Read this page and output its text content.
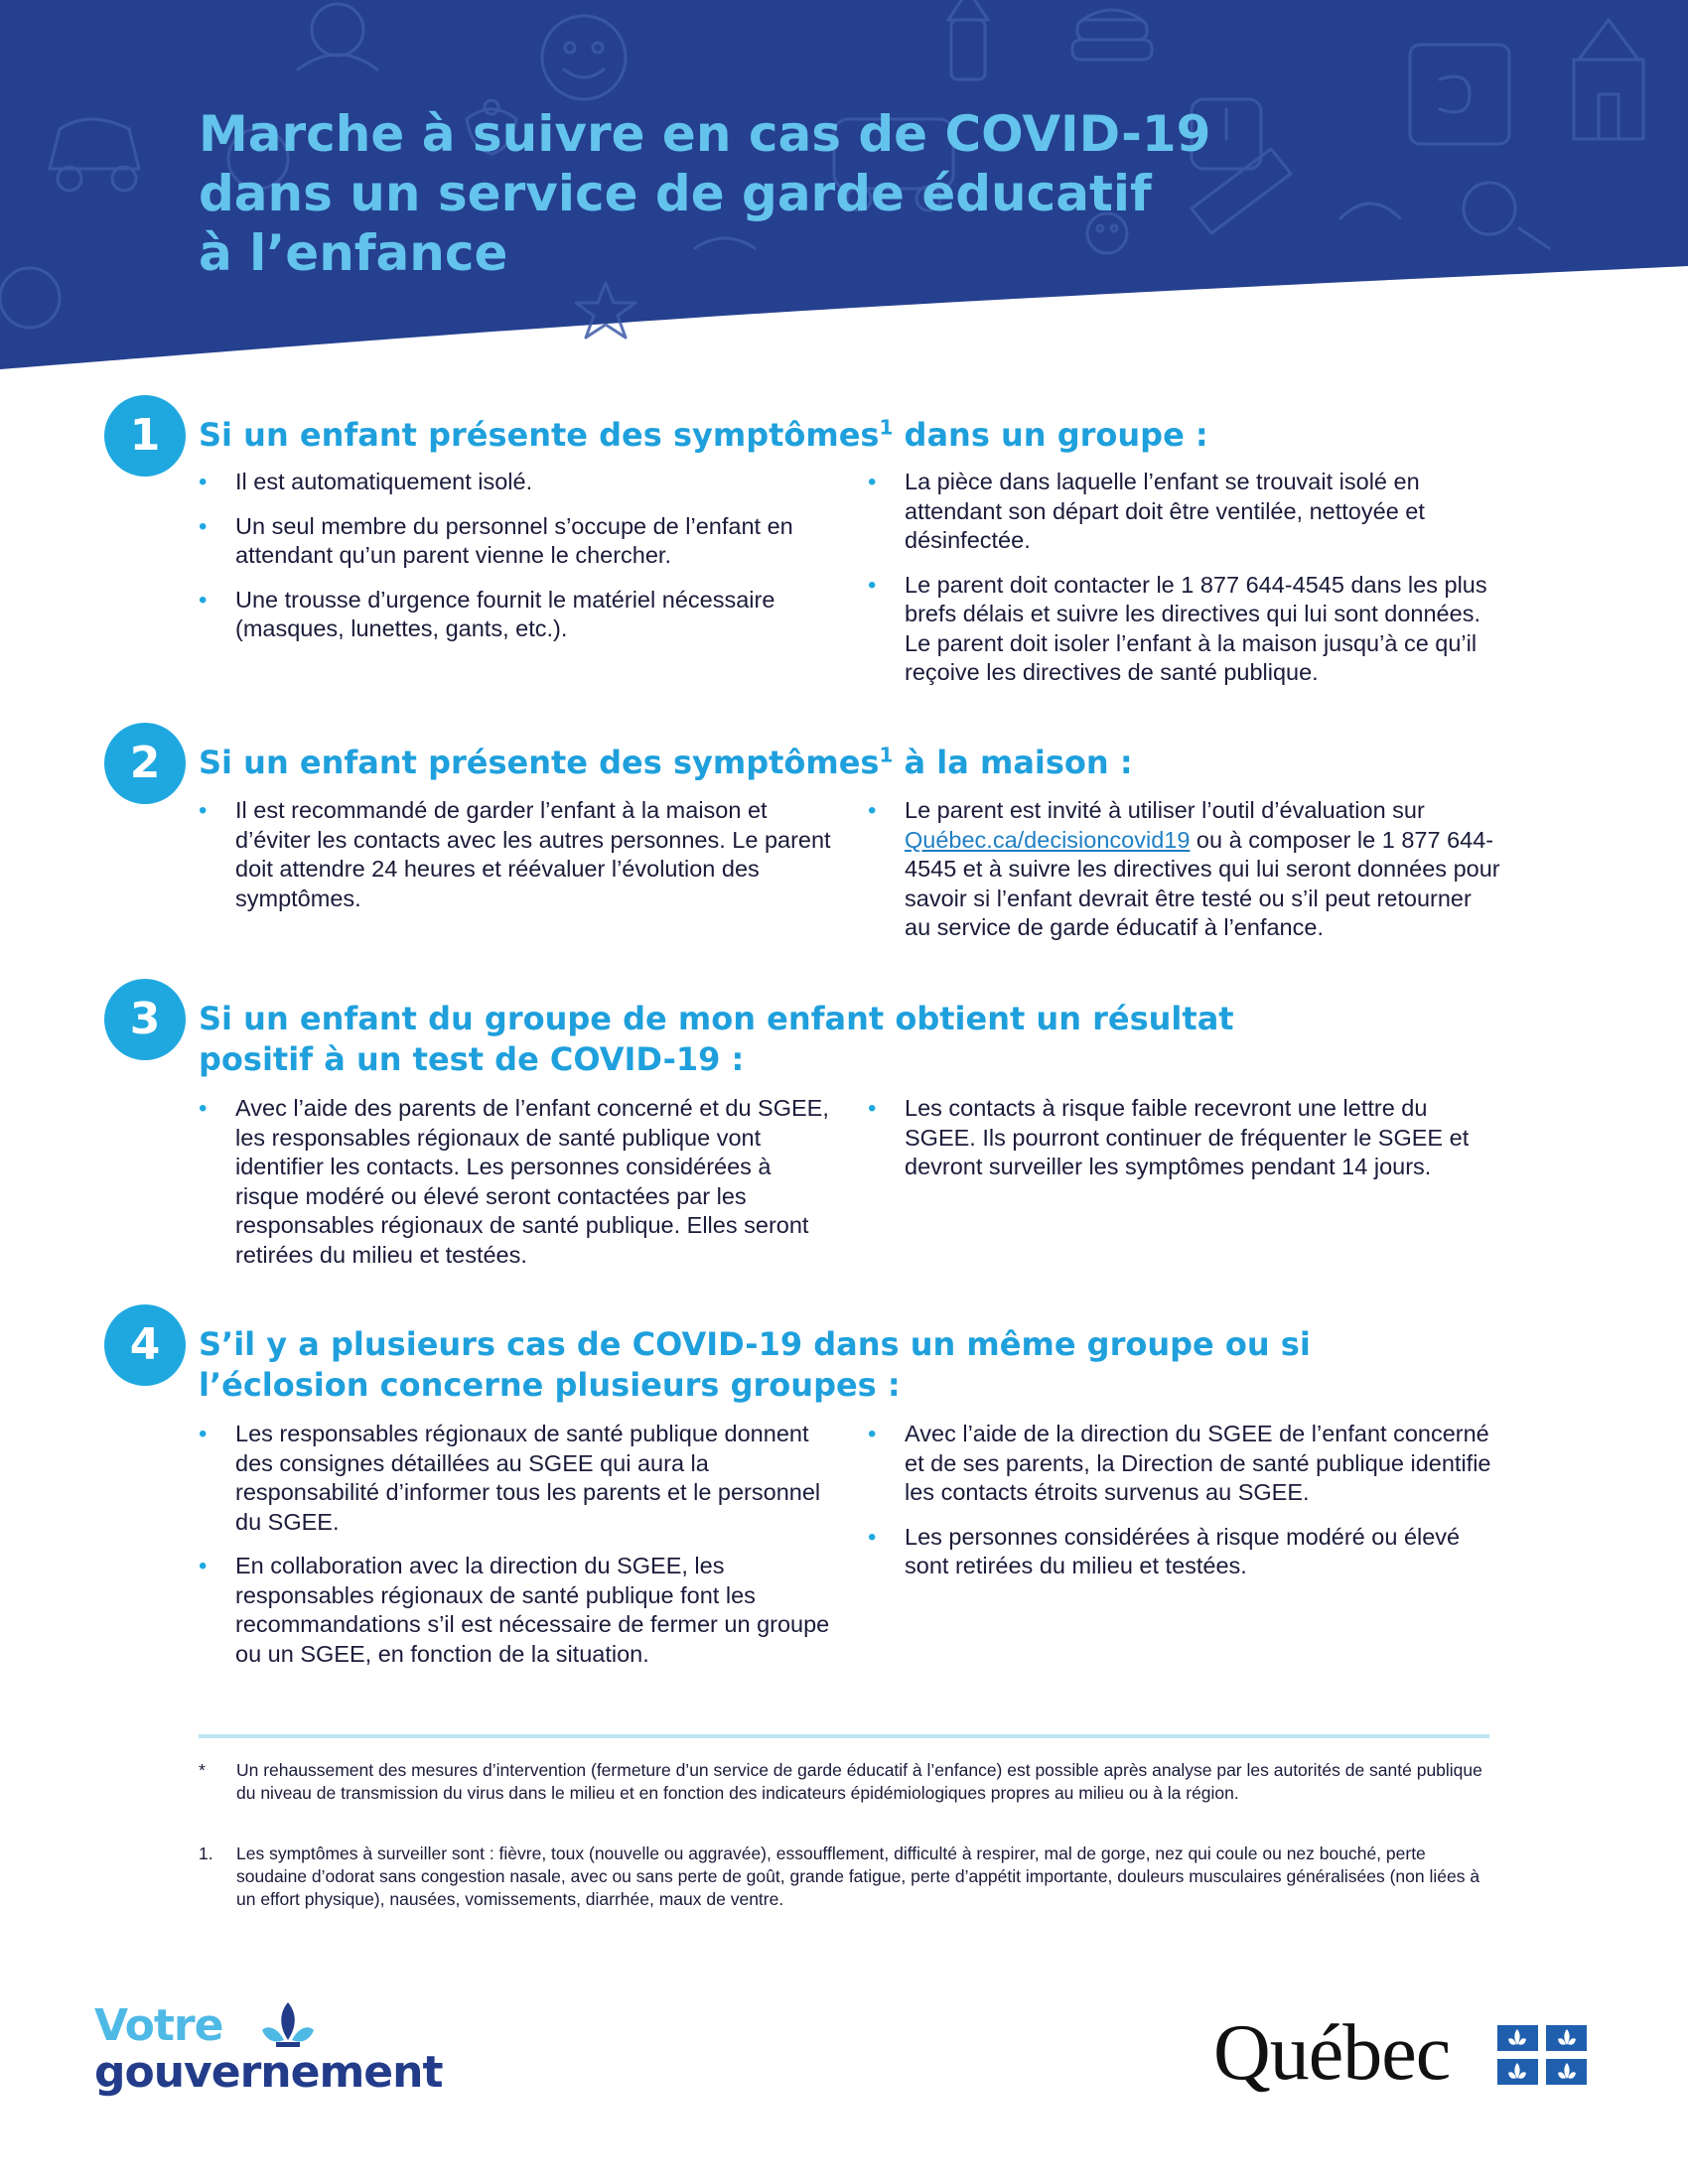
Marche à suivre en cas de COVID-19
dans un service de garde éducatif
à l’enfance
1	Si un enfant présente des symptômes$^1$ dans un groupe :
• Il est automatiquement isolé.
• Un seul membre du personnel s’occupe de l’enfant en attendant qu’un parent vienne le chercher.
• Une trousse d’urgence fournit le matériel nécessaire (masques, lunettes, gants, etc.).
• La pièce dans laquelle l’enfant se trouvait isolé en attendant son départ doit être ventilée, nettoyée et désinfectée.
• Le parent doit contacter le 1 877 644-4545 dans les plus brefs délais et suivre les directives qui lui sont données. Le parent doit isoler l’enfant à la maison jusqu’à ce qu’il reçoive les directives de santé publique.
2	Si un enfant présente des symptômes$^1$ à la maison :
• Il est recommandé de garder l’enfant à la maison et d’éviter les contacts avec les autres personnes. Le parent doit attendre 24 heures et réévaluer l’évolution des symptômes.
• Le parent est invité à utiliser l’outil d’évaluation sur Québec.ca/decisioncovid19 ou à composer le 1 877 644-4545 et à suivre les directives qui lui seront données pour savoir si l’enfant devrait être testé ou s’il peut retourner au service de garde éducatif à l’enfance.
3	Si un enfant du groupe de mon enfant obtient un résultat positif à un test de COVID-19 :
• Avec l’aide des parents de l’enfant concerné et du SGEE, les responsables régionaux de santé publique vont identifier les contacts. Les personnes considérées à risque modéré ou élevé seront contactées par les responsables régionaux de santé publique. Elles seront retirées du milieu et testées.
• Les contacts à risque faible recevront une lettre du SGEE. Ils pourront continuer de fréquenter le SGEE et devront surveiller les symptômes pendant 14 jours.
4	S’il y a plusieurs cas de COVID-19 dans un même groupe ou si l’éclosion concerne plusieurs groupes :
• Les responsables régionaux de santé publique donnent des consignes détaillées au SGEE qui aura la responsabilité d’informer tous les parents et le personnel du SGEE.
• En collaboration avec la direction du SGEE, les responsables régionaux de santé publique font les recommandations s’il est nécessaire de fermer un groupe ou un SGEE, en fonction de la situation.
• Avec l’aide de la direction du SGEE de l’enfant concerné et de ses parents, la Direction de santé publique identifie les contacts étroits survenus au SGEE.
• Les personnes considérées à risque modéré ou élevé sont retirées du milieu et testées.
* Un rehaussement des mesures d’intervention (fermeture d’un service de garde éducatif à l’enfance) est possible après analyse par les autorités de santé publique du niveau de transmission du virus dans le milieu et en fonction des indicateurs épidémiologiques propres au milieu ou à la région.
1. Les symptômes à surveiller sont : fièvre, toux (nouvelle ou aggravée), essoufflement, difficulté à respirer, mal de gorge, nez qui coule ou nez bouché, perte soudaine d’odorat sans congestion nasale, avec ou sans perte de goût, grande fatigue, perte d’appétit importante, douleurs musculaires généralisées (non liées à un effort physique), nausées, vomissements, diarrhée, maux de ventre.
Votre
gouvernement	Québec
